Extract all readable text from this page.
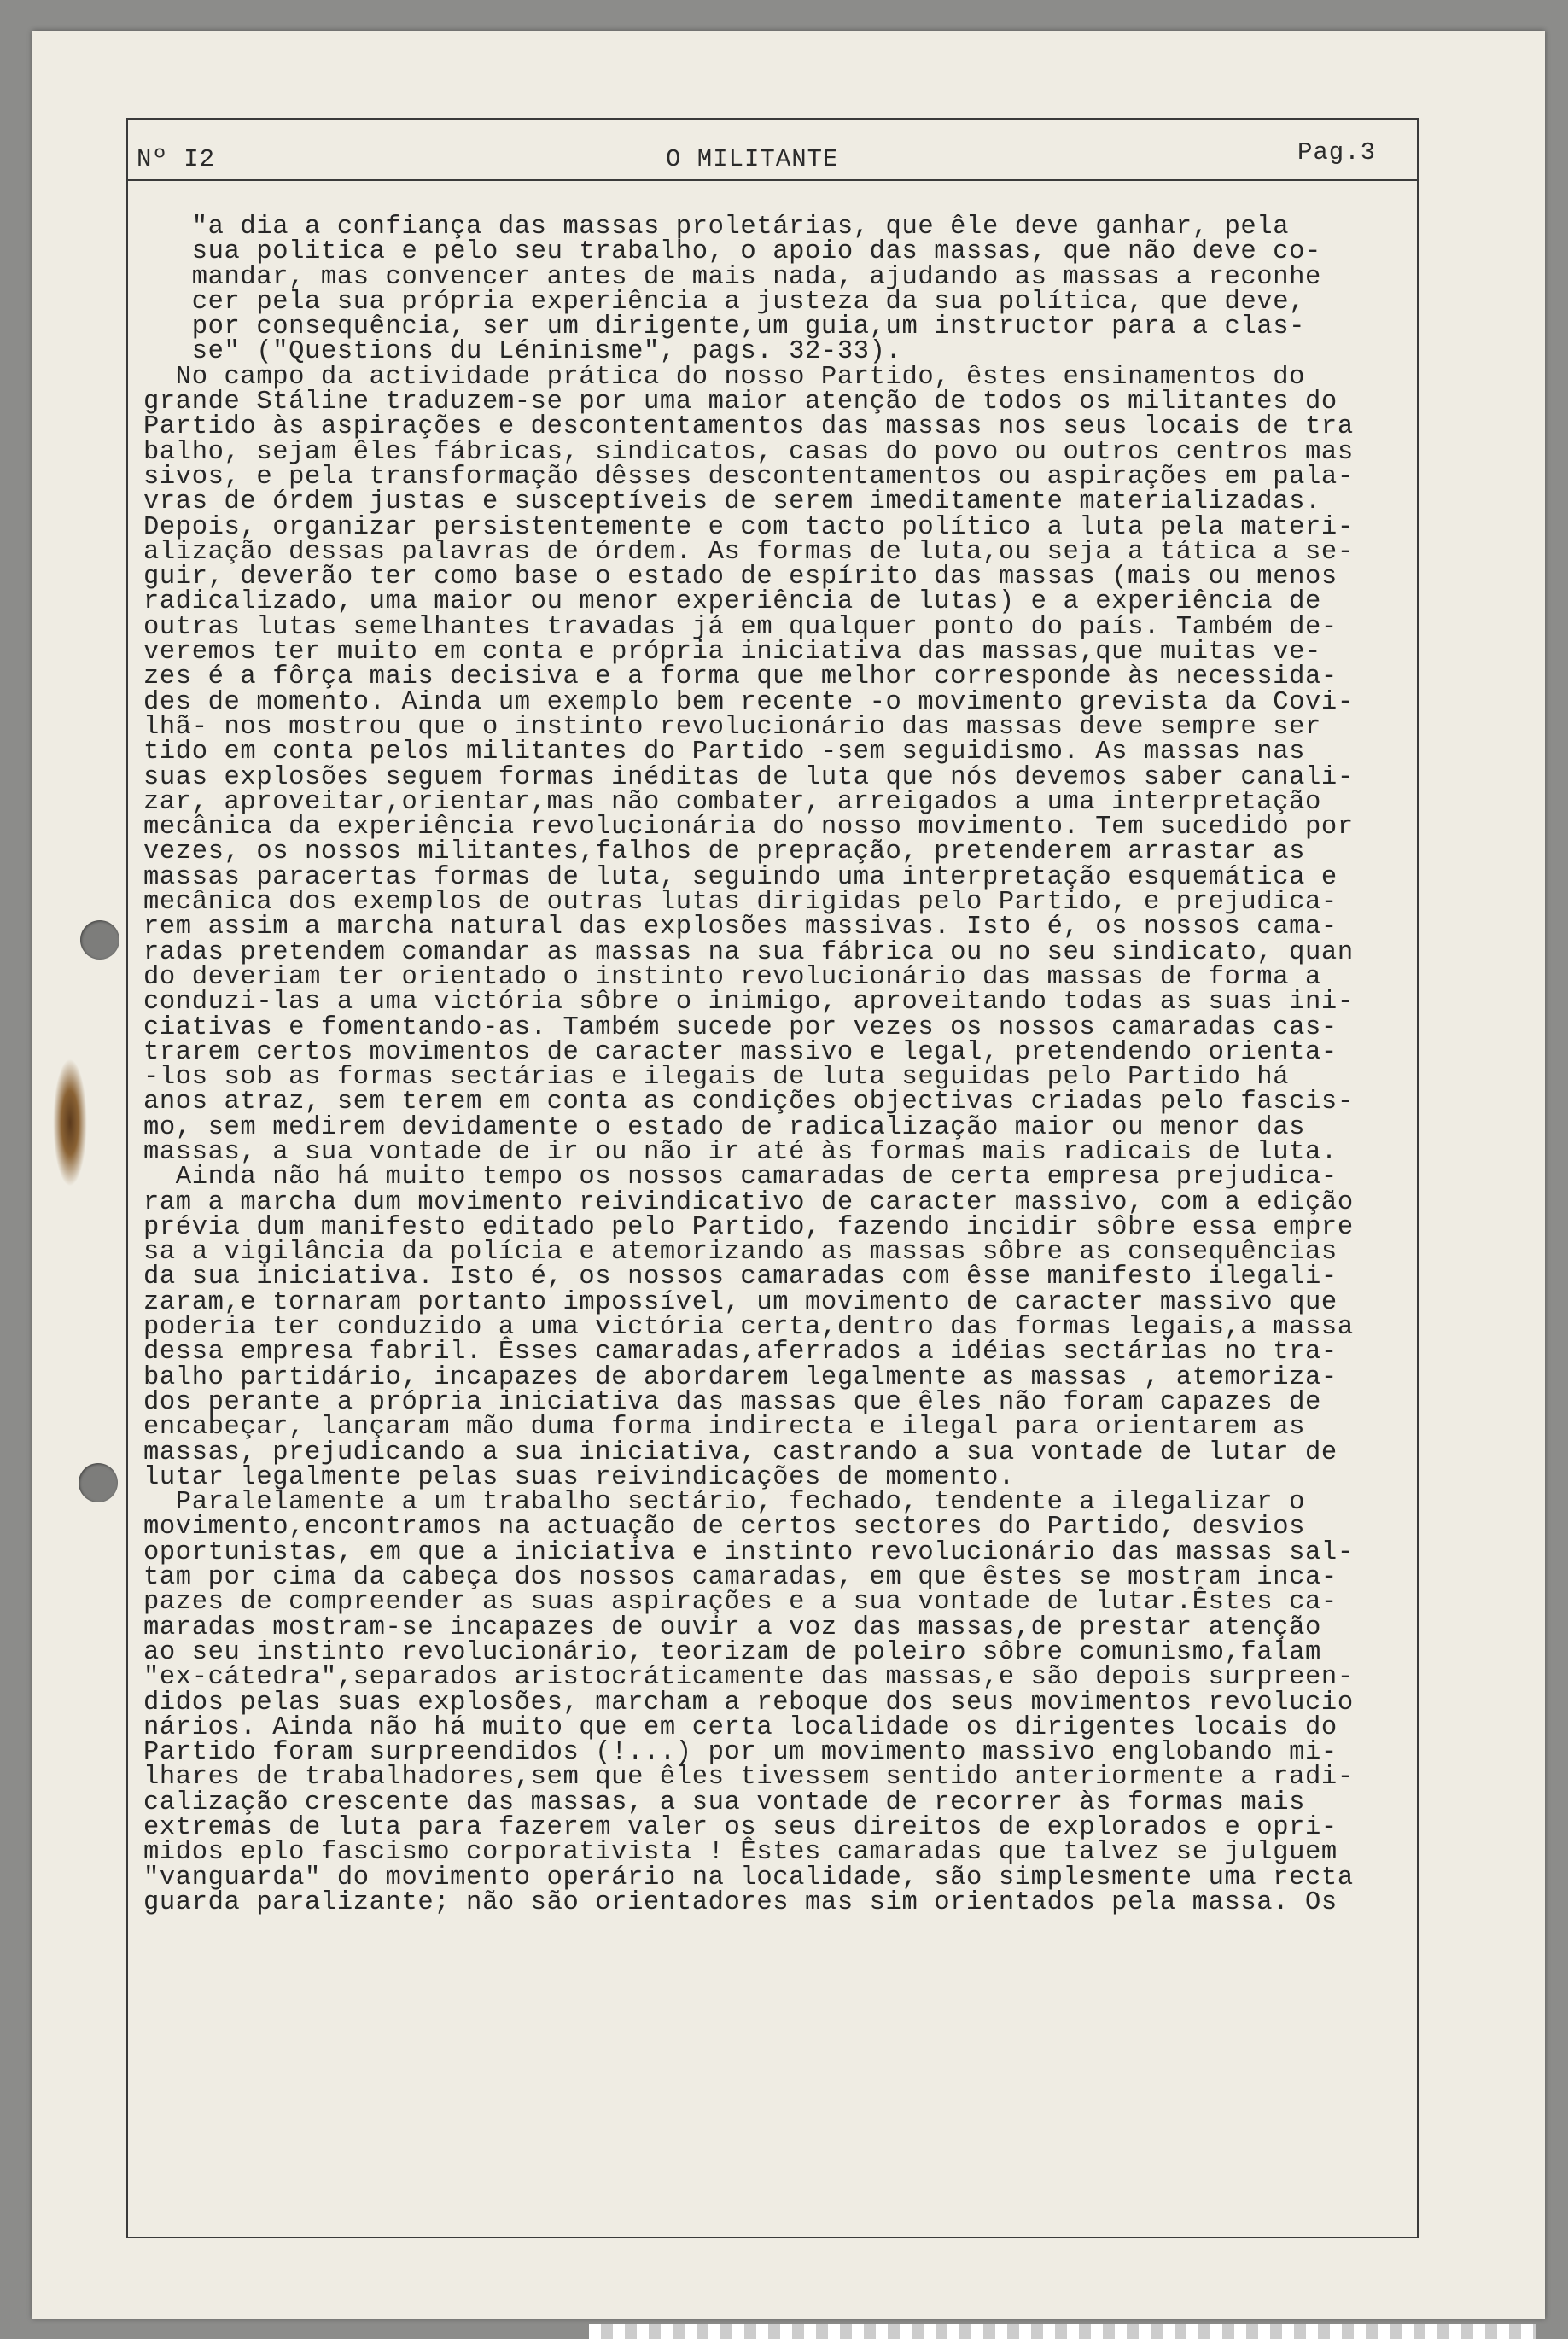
Nº I2	O MILITANTE	Pag.3
"a dia a confiança das massas proletárias, que êle deve ganhar, pela
sua politica e pelo seu trabalho, o apoio das massas, que não deve co-
mandar, mas convencer antes de mais nada, ajudando as massas a reconhe
cer pela sua própria experiência a justeza da sua política, que deve,
por consequência, ser um dirigente,um guia,um instructor para a clas-
se" ("Questions du Léninisme", pags. 32-33).
No campo da actividade prática do nosso Partido, êstes ensinamentos do
grande Stáline traduzem-se por uma maior atenção de todos os militantes do
Partido às aspirações e descontentamentos das massas nos seus locais de tra
balho, sejam êles fábricas, sindicatos, casas do povo ou outros centros mas
sivos, e pela transformação dêsses descontentamentos ou aspirações em pala-
vras de órdem justas e susceptíveis de serem imeditamente materializadas.
Depois, organizar persistentemente e com tacto político a luta pela materi-
alização dessas palavras de órdem. As formas de luta,ou seja a tática a se-
guir, deverão ter como base o estado de espírito das massas (mais ou menos
radicalizado, uma maior ou menor experiência de lutas) e a experiência de
outras lutas semelhantes travadas já em qualquer ponto do país. Também de-
veremos ter muito em conta e própria iniciativa das massas,que muitas ve-
zes é a fôrça mais decisiva e a forma que melhor corresponde às necessida-
des de momento. Ainda um exemplo bem recente -o movimento grevista da Covi-
lhã- nos mostrou que o instinto revolucionário das massas deve sempre ser
tido em conta pelos militantes do Partido -sem seguidismo. As massas nas
suas explosões seguem formas inéditas de luta que nós devemos saber canali-
zar, aproveitar,orientar,mas não combater, arreigados a uma interpretação
mecânica da experiência revolucionária do nosso movimento. Tem sucedido por
vezes, os nossos militantes,falhos de prepração, pretenderem arrastar as
massas paracertas formas de luta, seguindo uma interpretação esquemática e
mecânica dos exemplos de outras lutas dirigidas pelo Partido, e prejudica-
rem assim a marcha natural das explosões massivas. Isto é, os nossos cama-
radas pretendem comandar as massas na sua fábrica ou no seu sindicato, quan
do deveriam ter orientado o instinto revolucionário das massas de forma a
conduzi-las a uma victória sôbre o inimigo, aproveitando todas as suas ini-
ciativas e fomentando-as. Também sucede por vezes os nossos camaradas cas-
trarem certos movimentos de caracter massivo e legal, pretendendo orienta-
-los sob as formas sectárias e ilegais de luta seguidas pelo Partido há
anos atraz, sem terem em conta as condições objectivas criadas pelo fascis-
mo, sem medirem devidamente o estado de radicalização maior ou menor das
massas, a sua vontade de ir ou não ir até às formas mais radicais de luta.
Ainda não há muito tempo os nossos camaradas de certa empresa prejudica-
ram a marcha dum movimento reivindicativo de caracter massivo, com a edição
prévia dum manifesto editado pelo Partido, fazendo incidir sôbre essa empre
sa a vigilância da polícia e atemorizando as massas sôbre as consequências
da sua iniciativa. Isto é, os nossos camaradas com êsse manifesto ilegali-
zaram,e tornaram portanto impossível, um movimento de caracter massivo que
poderia ter conduzido a uma victória certa,dentro das formas legais,a massa
dessa empresa fabril. Êsses camaradas,aferrados a idéias sectárias no tra-
balho partidário, incapazes de abordarem legalmente as massas , atemoriza-
dos perante a própria iniciativa das massas que êles não foram capazes de
encabeçar, lançaram mão duma forma indirecta e ilegal para orientarem as
massas, prejudicando a sua iniciativa, castrando a sua vontade de lutar de
lutar legalmente pelas suas reivindicações de momento.
Paralelamente a um trabalho sectário, fechado, tendente a ilegalizar o
movimento,encontramos na actuação de certos sectores do Partido, desvios
oportunistas, em que a iniciativa e instinto revolucionário das massas sal-
tam por cima da cabeça dos nossos camaradas, em que êstes se mostram inca-
pazes de compreender as suas aspirações e a sua vontade de lutar.Êstes ca-
maradas mostram-se incapazes de ouvir a voz das massas,de prestar atenção
ao seu instinto revolucionário, teorizam de poleiro sôbre comunismo,falam
"ex-cátedra",separados aristocráticamente das massas,e são depois surpreen-
didos pelas suas explosões, marcham a reboque dos seus movimentos revolucio
nários. Ainda não há muito que em certa localidade os dirigentes locais do
Partido foram surpreendidos (!...) por um movimento massivo englobando mi-
lhares de trabalhadores,sem que êles tivessem sentido anteriormente a radi-
calização crescente das massas, a sua vontade de recorrer às formas mais
extremas de luta para fazerem valer os seus direitos de explorados e opri-
midos eplo fascismo corporativista ! Êstes camaradas que talvez se julguem
"vanguarda" do movimento operário na localidade, são simplesmente uma recta
guarda paralizante; não são orientadores mas sim orientados pela massa. Os
